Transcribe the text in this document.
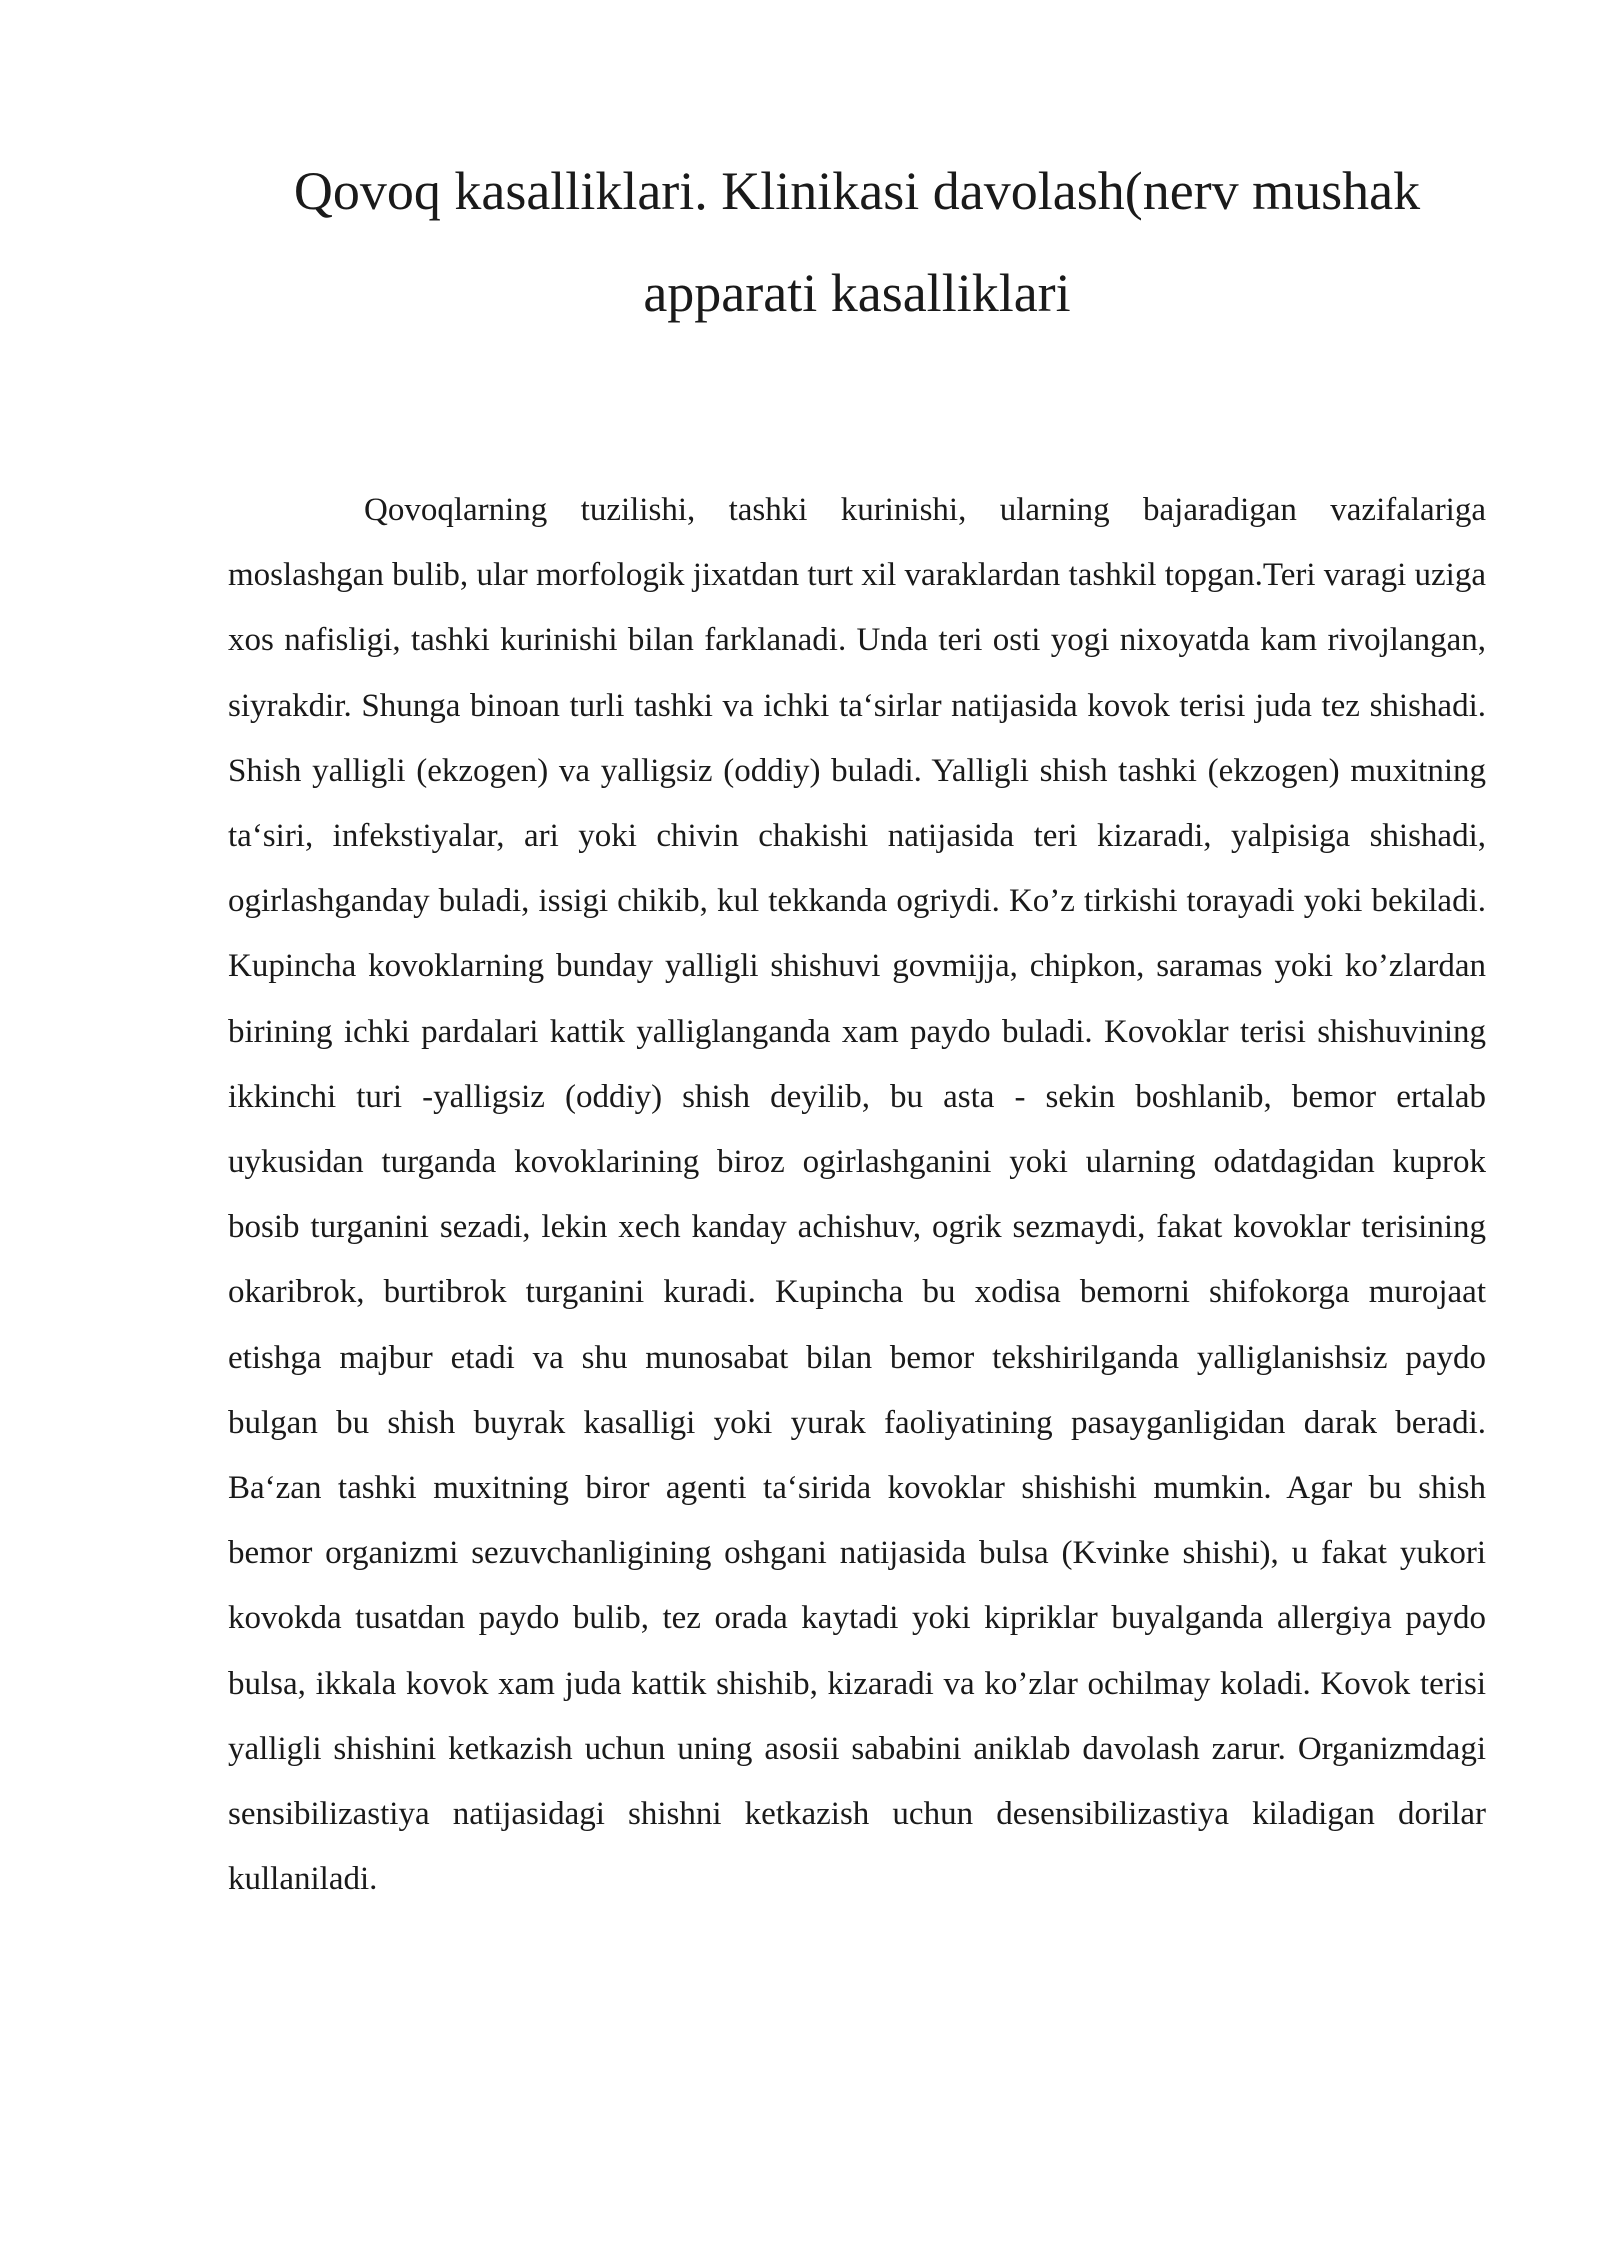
Qovoq kasalliklari. Klinikasi davolash(nerv mushak apparati kasalliklari

Qovoqlarning tuzilishi, tashki kurinishi, ularning bajaradigan vazifalariga moslashgan bulib, ular morfologik jixatdan turt xil varaklardan tashkil topgan.Teri varagi uziga xos nafisligi, tashki kurinishi bilan farklanadi. Unda teri osti yogi nixoyatda kam rivojlangan, siyrakdir. Shunga binoan turli tashki va ichki ta‘sirlar natijasida kovok terisi juda tez shishadi. Shish yalligli (ekzogen) va yalligsiz (oddiy) buladi. Yalligli shish tashki (ekzogen) muxitning ta‘siri, infekstiyalar, ari yoki chivin chakishi natijasida teri kizaradi, yalpisiga shishadi, ogirlashganday buladi, issigi chikib, kul tekkanda ogriydi. Ko’z tirkishi torayadi yoki bekiladi. Kupincha kovoklarning bunday yalligli shishuvi govmijja, chipkon, saramas yoki ko’zlardan birining ichki pardalari kattik yalliglanganda xam paydo buladi. Kovoklar terisi shishuvining ikkinchi turi -yalligsiz (oddiy) shish deyilib, bu asta - sekin boshlanib, bemor ertalab uykusidan turganda kovoklarining biroz ogirlashganini yoki ularning odatdagidan kuprok bosib turganini sezadi, lekin xech kanday achishuv, ogrik sezmaydi, fakat kovoklar terisining okaribrok, burtibrok turganini kuradi. Kupincha bu xodisa bemorni shifokorga murojaat etishga majbur etadi va shu munosabat bilan bemor tekshirilganda yalliglanishsiz paydo bulgan bu shish buyrak kasalligi yoki yurak faoliyatining pasayganligidan darak beradi. Ba‘zan tashki muxitning biror agenti ta‘sirida kovoklar shishishi mumkin. Agar bu shish bemor organizmi sezuvchanligining oshgani natijasida bulsa (Kvinke shishi), u fakat yukori kovokda tusatdan paydo bulib, tez orada kaytadi yoki kipriklar buyalganda allergiya paydo bulsa, ikkala kovok xam juda kattik shishib, kizaradi va ko’zlar ochilmay koladi. Kovok terisi yalligli shishini ketkazish uchun uning asosii sababini aniklab davolash zarur. Organizmdagi sensibilizastiya natijasidagi shishni ketkazish uchun desensibilizastiya kiladigan dorilar kullaniladi.
